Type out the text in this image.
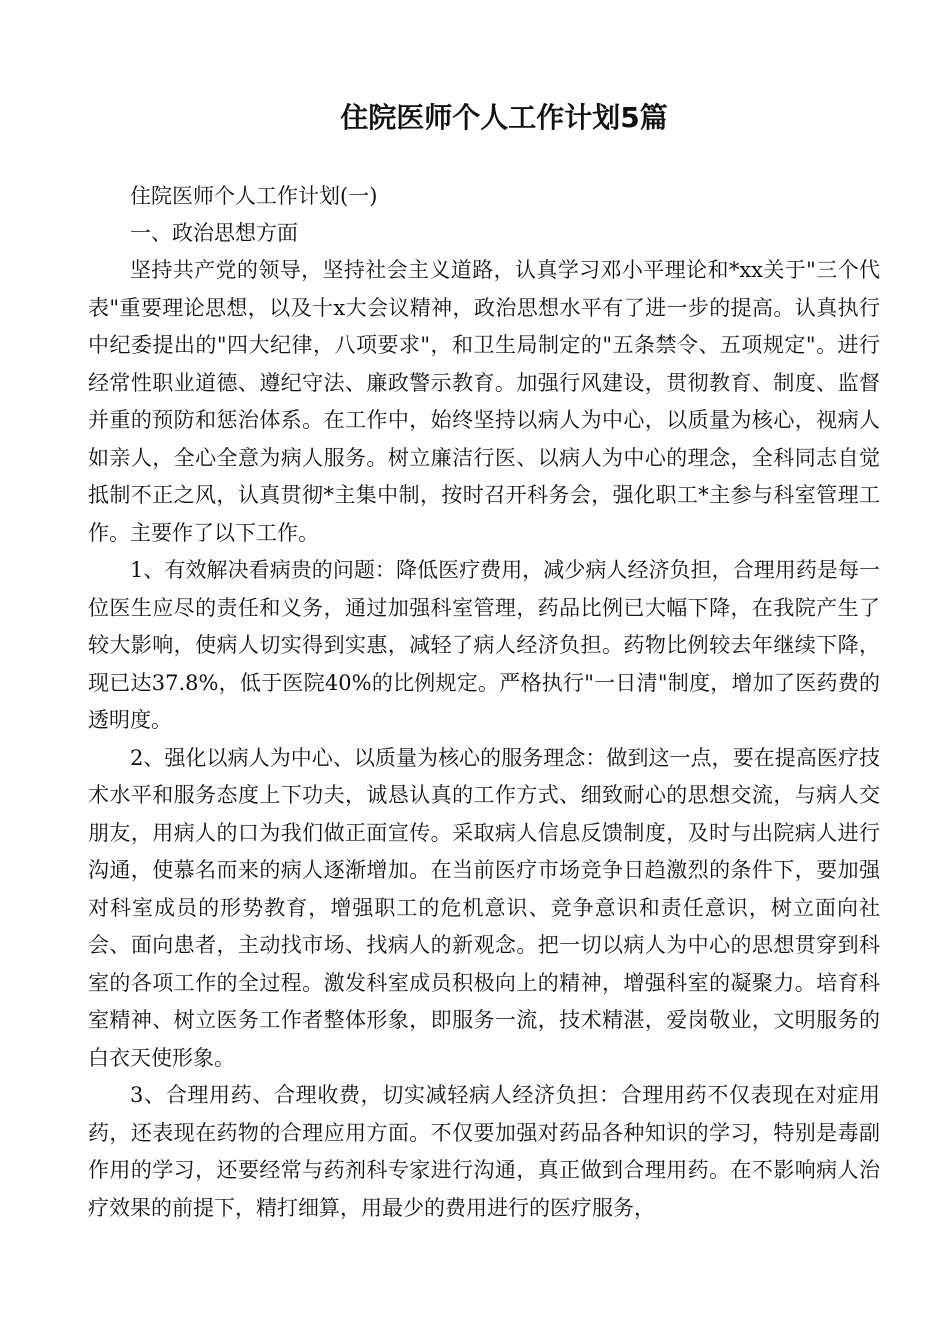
住院医师个人工作计划5篇

住院医师个人工作计划(一)

一、政治思想方面

坚持共产党的领导，坚持社会主义道路，认真学习邓小平理论和*xx关于"三个代表"重要理论思想，以及十x大会议精神，政治思想水平有了进一步的提高。认真执行中纪委提出的"四大纪律，八项要求"，和卫生局制定的"五条禁令、五项规定"。进行经常性职业道德、遵纪守法、廉政警示教育。加强行风建设，贯彻教育、制度、监督并重的预防和惩治体系。在工作中，始终坚持以病人为中心，以质量为核心，视病人如亲人，全心全意为病人服务。树立廉洁行医、以病人为中心的理念，全科同志自觉抵制不正之风，认真贯彻*主集中制，按时召开科务会，强化职工*主参与科室管理工作。主要作了以下工作。

1、有效解决看病贵的问题：降低医疗费用，减少病人经济负担，合理用药是每一位医生应尽的责任和义务，通过加强科室管理，药品比例已大幅下降，在我院产生了较大影响，使病人切实得到实惠，减轻了病人经济负担。药物比例较去年继续下降，现已达37.8%，低于医院40%的比例规定。严格执行"一日清"制度，增加了医药费的透明度。

2、强化以病人为中心、以质量为核心的服务理念：做到这一点，要在提高医疗技术水平和服务态度上下功夫，诚恳认真的工作方式、细致耐心的思想交流，与病人交朋友，用病人的口为我们做正面宣传。采取病人信息反馈制度，及时与出院病人进行沟通，使慕名而来的病人逐渐增加。在当前医疗市场竞争日趋激烈的条件下，要加强对科室成员的形势教育，增强职工的危机意识、竞争意识和责任意识，树立面向社会、面向患者，主动找市场、找病人的新观念。把一切以病人为中心的思想贯穿到科室的各项工作的全过程。激发科室成员积极向上的精神，增强科室的凝聚力。培育科室精神、树立医务工作者整体形象，即服务一流，技术精湛，爱岗敬业，文明服务的白衣天使形象。

3、合理用药、合理收费，切实减轻病人经济负担：合理用药不仅表现在对症用药，还表现在药物的合理应用方面。不仅要加强对药品各种知识的学习，特别是毒副作用的学习，还要经常与药剂科专家进行沟通，真正做到合理用药。在不影响病人治疗效果的前提下，精打细算，用最少的费用进行的医疗服务，
